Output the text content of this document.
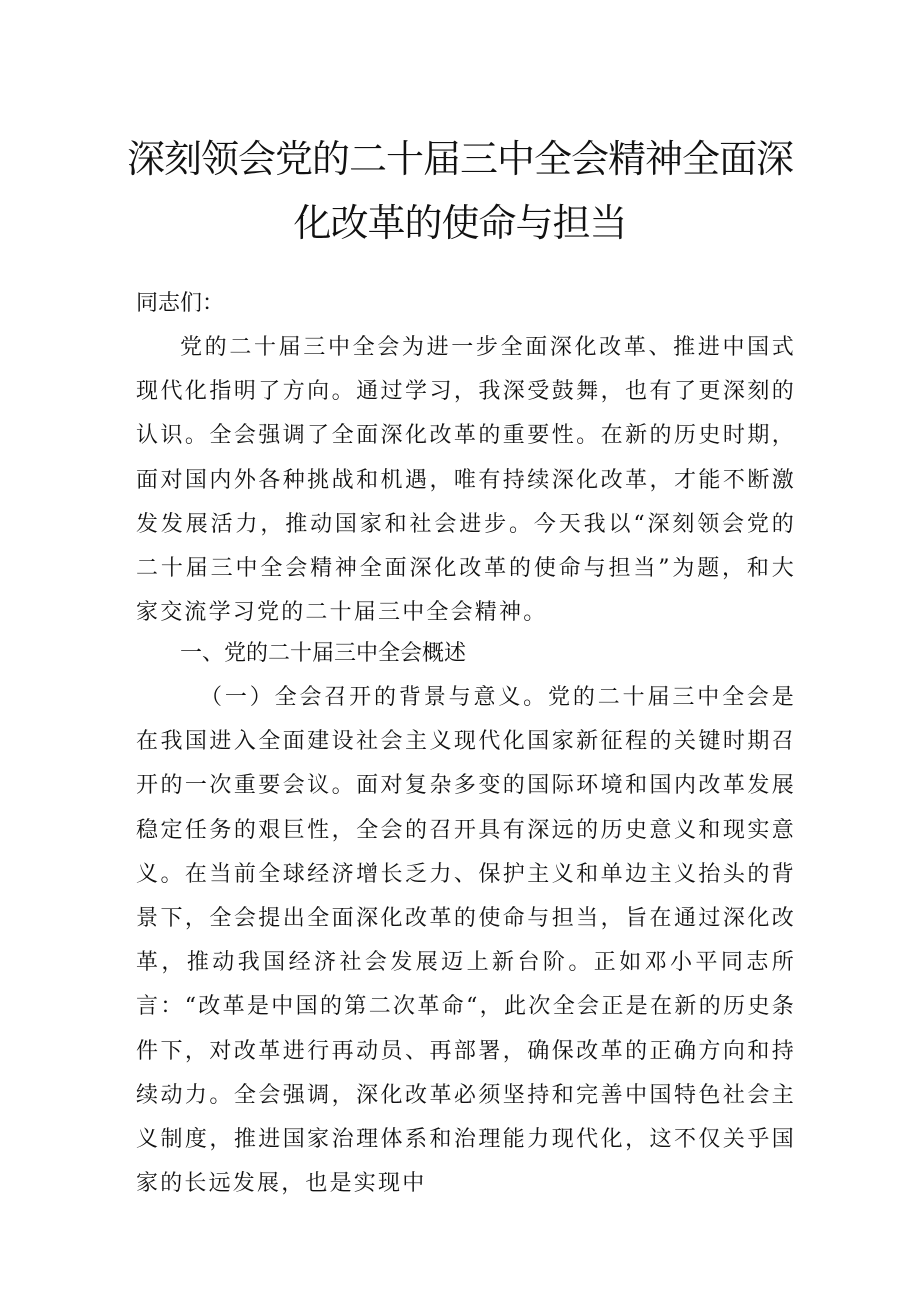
深刻领会党的二十届三中全会精神全面深
化改革的使命与担当
同志们：
党的二十届三中全会为进一步全面深化改革、推进中国式现代化指明了方向。通过学习，我深受鼓舞，也有了更深刻的认识。全会强调了全面深化改革的重要性。在新的历史时期，面对国内外各种挑战和机遇，唯有持续深化改革，才能不断激发发展活力，推动国家和社会进步。今天我以“深刻领会党的二十届三中全会精神全面深化改革的使命与担当”为题，和大家交流学习党的二十届三中全会精神。
一、党的二十届三中全会概述
（一）全会召开的背景与意义。党的二十届三中全会是在我国进入全面建设社会主义现代化国家新征程的关键时期召开的一次重要会议。面对复杂多变的国际环境和国内改革发展稳定任务的艰巨性，全会的召开具有深远的历史意义和现实意义。在当前全球经济增长乏力、保护主义和单边主义抬头的背景下，全会提出全面深化改革的使命与担当，旨在通过深化改革，推动我国经济社会发展迈上新台阶。正如邓小平同志所言：“改革是中国的第二次革命“，此次全会正是在新的历史条件下，对改革进行再动员、再部署，确保改革的正确方向和持续动力。全会强调，深化改革必须坚持和完善中国特色社会主义制度，推进国家治理体系和治理能力现代化，这不仅关乎国家的长远发展，也是实现中
